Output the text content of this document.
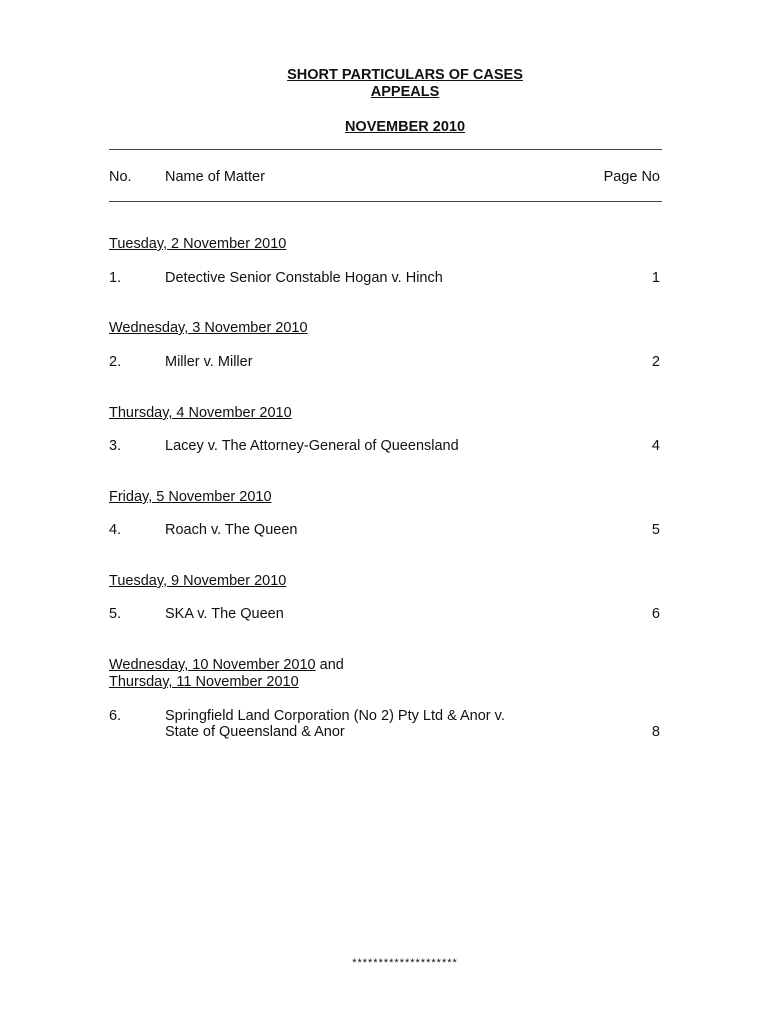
SHORT PARTICULARS OF CASES
APPEALS
NOVEMBER 2010
No. Name of Matter	Page No
Tuesday, 2 November 2010
1.	Detective Senior Constable Hogan v. Hinch	1
Wednesday, 3 November 2010
2.	Miller v. Miller	2
Thursday, 4 November 2010
3.	Lacey v. The Attorney-General of Queensland	4
Friday, 5 November 2010
4.	Roach v. The Queen	5
Tuesday, 9 November 2010
5.	SKA v. The Queen	6
Wednesday, 10 November 2010 and
Thursday, 11 November 2010
6.	Springfield Land Corporation (No 2) Pty Ltd & Anor v.
State of Queensland & Anor	8
********************
